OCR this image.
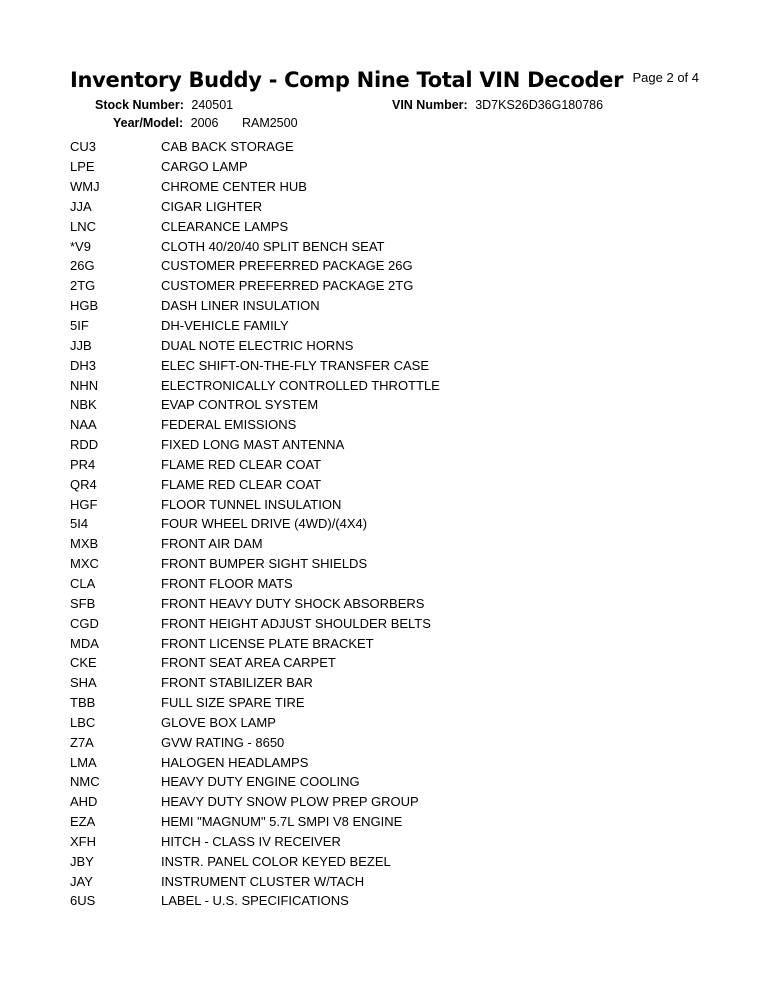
Inventory Buddy - Comp Nine Total VIN Decoder Page 2 of 4
Stock Number: 240501	VIN Number: 3D7KS26D36G180786
Year/Model: 2006 RAM2500
CU3	CAB BACK STORAGE
LPE	CARGO LAMP
WMJ	CHROME CENTER HUB
JJA	CIGAR LIGHTER
LNC	CLEARANCE LAMPS
*V9	CLOTH 40/20/40 SPLIT BENCH SEAT
26G	CUSTOMER PREFERRED PACKAGE 26G
2TG	CUSTOMER PREFERRED PACKAGE 2TG
HGB	DASH LINER INSULATION
5IF	DH-VEHICLE FAMILY
JJB	DUAL NOTE ELECTRIC HORNS
DH3	ELEC SHIFT-ON-THE-FLY TRANSFER CASE
NHN	ELECTRONICALLY CONTROLLED THROTTLE
NBK	EVAP CONTROL SYSTEM
NAA	FEDERAL EMISSIONS
RDD	FIXED LONG MAST ANTENNA
PR4	FLAME RED CLEAR COAT
QR4	FLAME RED CLEAR COAT
HGF	FLOOR TUNNEL INSULATION
5I4	FOUR WHEEL DRIVE (4WD)/(4X4)
MXB	FRONT AIR DAM
MXC	FRONT BUMPER SIGHT SHIELDS
CLA	FRONT FLOOR MATS
SFB	FRONT HEAVY DUTY SHOCK ABSORBERS
CGD	FRONT HEIGHT ADJUST SHOULDER BELTS
MDA	FRONT LICENSE PLATE BRACKET
CKE	FRONT SEAT AREA CARPET
SHA	FRONT STABILIZER BAR
TBB	FULL SIZE SPARE TIRE
LBC	GLOVE BOX LAMP
Z7A	GVW RATING - 8650
LMA	HALOGEN HEADLAMPS
NMC	HEAVY DUTY ENGINE COOLING
AHD	HEAVY DUTY SNOW PLOW PREP GROUP
EZA	HEMI "MAGNUM" 5.7L SMPI V8 ENGINE
XFH	HITCH - CLASS IV RECEIVER
JBY	INSTR. PANEL COLOR KEYED BEZEL
JAY	INSTRUMENT CLUSTER W/TACH
6US	LABEL - U.S. SPECIFICATIONS
